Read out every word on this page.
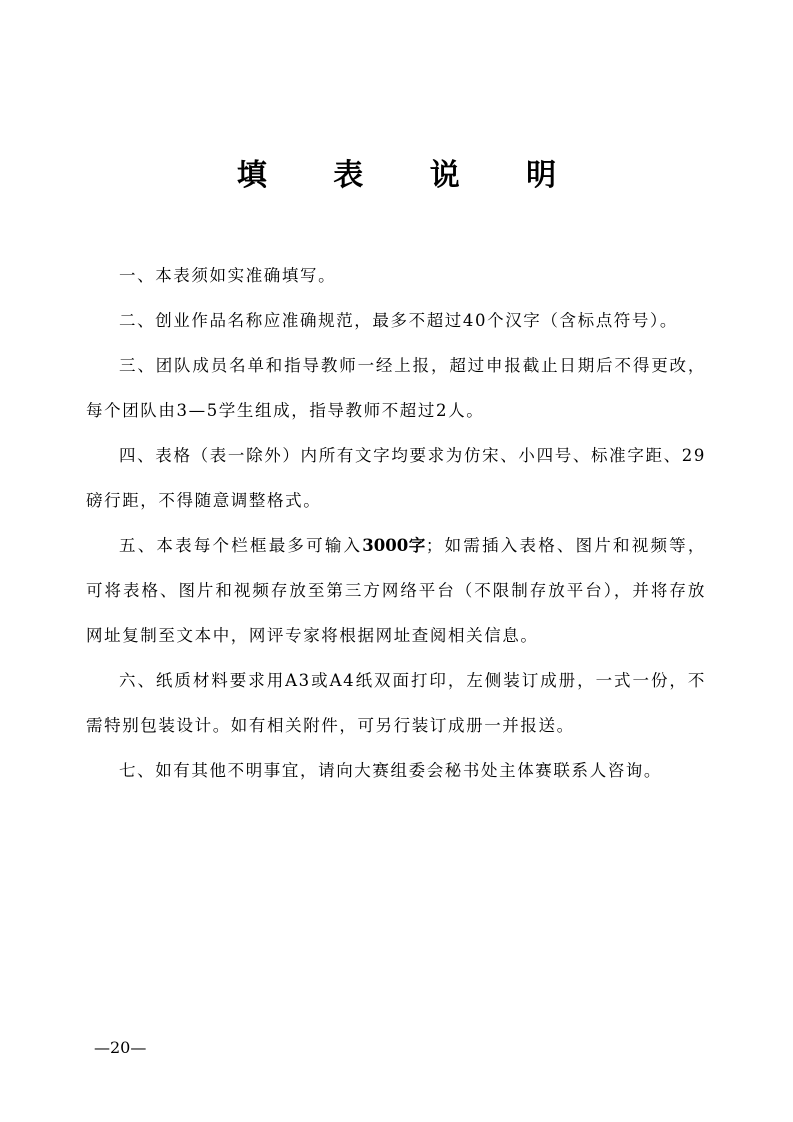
填 表 说 明

一、本表须如实准确填写。

二、创业作品名称应准确规范，最多不超过40个汉字（含标点符号）。

三、团队成员名单和指导教师一经上报，超过申报截止日期后不得更改，每个团队由3—5学生组成，指导教师不超过2人。

四、表格（表一除外）内所有文字均要求为仿宋、小四号、标准字距、29磅行距，不得随意调整格式。

五、本表每个栏框最多可输入3000字；如需插入表格、图片和视频等，可将表格、图片和视频存放至第三方网络平台（不限制存放平台），并将存放网址复制至文本中，网评专家将根据网址查阅相关信息。

六、纸质材料要求用A3或A4纸双面打印，左侧装订成册，一式一份，不需特别包装设计。如有相关附件，可另行装订成册一并报送。

七、如有其他不明事宜，请向大赛组委会秘书处主体赛联系人咨询。

—20—
